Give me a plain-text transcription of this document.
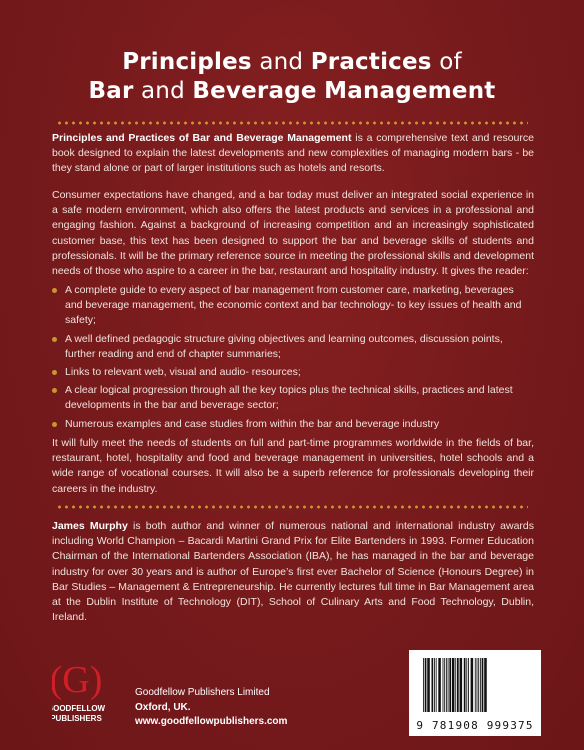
Principles and Practices of
Bar and Beverage Management
Principles and Practices of Bar and Beverage Management is a comprehensive text and resource book designed to explain the latest developments and new complexities of managing modern bars - be they stand alone or part of larger institutions such as hotels and resorts.
Consumer expectations have changed, and a bar today must deliver an integrated social experience in a safe modern environment, which also offers the latest products and services in a professional and engaging fashion. Against a background of increasing competition and an increasingly sophisticated customer base, this text has been designed to support the bar and beverage skills of students and professionals. It will be the primary reference source in meeting the professional skills and development needs of those who aspire to a career in the bar, restaurant and hospitality industry. It gives the reader:
A complete guide to every aspect of bar management from customer care, marketing, beverages and beverage management, the economic context and bar technology- to key issues of health and safety;
A well defined pedagogic structure giving objectives and learning outcomes, discussion points, further reading and end of chapter summaries;
Links to relevant web, visual and audio- resources;
A clear logical progression through all the key topics plus the technical skills, practices and latest developments in the bar and beverage sector;
Numerous examples and case studies from within the bar and beverage industry
It will fully meet the needs of students on full and part-time programmes worldwide in the fields of bar, restaurant, hotel, hospitality and food and beverage management in universities, hotel schools and a wide range of vocational courses. It will also be a superb reference for professionals developing their careers in the industry.
James Murphy is both author and winner of numerous national and international industry awards including World Champion – Bacardi Martini Grand Prix for Elite Bartenders in 1993. Former Education Chairman of the International Bartenders Association (IBA), he has managed in the bar and beverage industry for over 30 years and is author of Europe’s first ever Bachelor of Science (Honours Degree) in Bar Studies – Management & Entrepreneurship. He currently lectures full time in Bar Management area at the Dublin Institute of Technology (DIT), School of Culinary Arts and Food Technology, Dublin, Ireland.
(G)
GOODFELLOW
PUBLISHERS
Goodfellow Publishers Limited
Oxford, UK.
www.goodfellowpublishers.com	9 781908 999375
